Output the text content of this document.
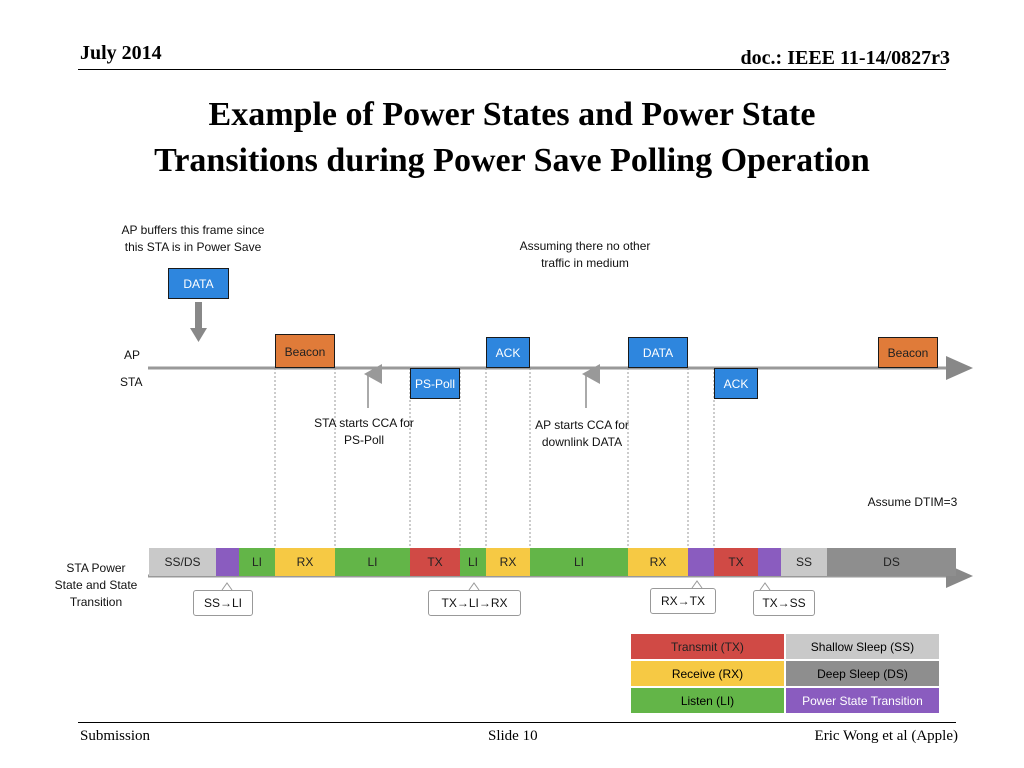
July 2014	doc.: IEEE 11-14/0827r3
Example of Power States and Power State
Transitions during Power Save Polling Operation
AP buffers this frame since
this STA is in Power Save	Assuming there no other
traffic in medium
STA starts CCA for
PS-Poll
AP starts CCA for
downlink DATA
Assume DTIM=3
AP
STA
STA Power
State and State
Transition
DATA
Beacon
PS-Poll
ACK	DATA
ACK
Beacon
SS/DS	LI	RX	LI	TX	LI	RX	LI	RX	TX	SS	DS
SS→LI	TX→LI→RX	RX→TX	TX→SS
Transmit (TX)	Shallow Sleep (SS)
Receive (RX)	Deep Sleep (DS)
Listen (LI)	Power State Transition
Submission	Slide 10	Eric Wong et al (Apple)
